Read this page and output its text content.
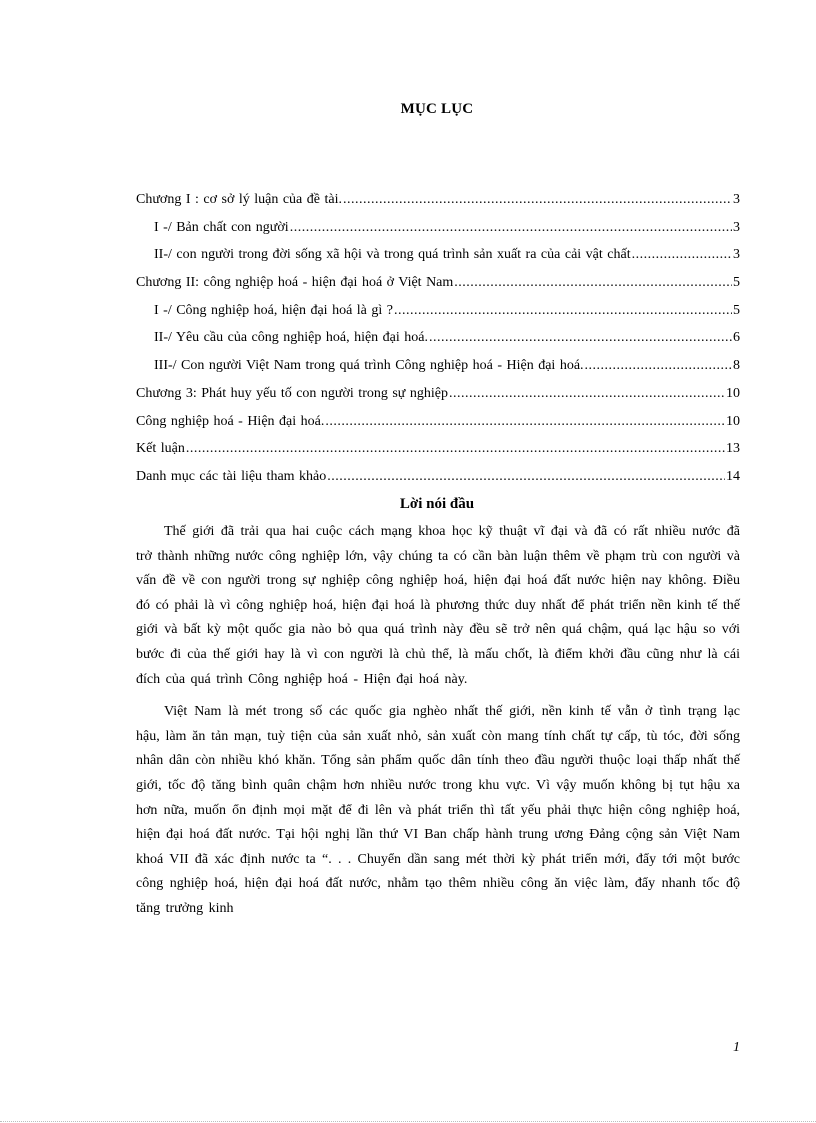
MỤC LỤC
Chương I : cơ sở lý luận của đề tài. .....	3
I -/ Bản chất con người .....	3
II-/ con người trong đời sống xã hội và trong quá trình sản xuất ra của cải vật chất .....	3
Chương II: công nghiệp hoá - hiện đại hoá ở Việt Nam .....	5
I -/ Công nghiệp hoá, hiện đại hoá là gì ? .....	5
II-/ Yêu cầu của công nghiệp hoá, hiện đại hoá. .....	6
III-/ Con người Việt Nam trong quá trình Công nghiệp hoá - Hiện đại hoá. .....	8
Chương 3: Phát huy yếu tố con người trong sự nghiệp .....	10
Công nghiệp hoá - Hiện đại hoá. .....	10
Kết luận .....	13
Danh mục các tài liệu tham khảo .....	14
Lời nói đầu

Thế giới đã trải qua hai cuộc cách mạng khoa học kỹ thuật vĩ đại và đã có rất nhiều nước đã trở thành những nước công nghiệp lớn, vậy chúng ta có cần bàn luận thêm về phạm trù con người và vấn đề về con người trong sự nghiệp công nghiệp hoá, hiện đại hoá đất nước hiện nay không. Điều đó có phải là vì công nghiệp hoá, hiện đại hoá là phương thức duy nhất để phát triển nền kinh tế thế giới và bất kỳ một quốc gia nào bỏ qua quá trình này đều sẽ trở nên quá chậm, quá lạc hậu so với bước đi của thế giới hay là vì con người là chủ thể, là mấu chốt, là điểm khởi đầu cũng như là cái đích của quá trình Công nghiệp hoá - Hiện đại hoá này.

Việt Nam là mét trong số các quốc gia nghèo nhất thế giới, nền kinh tế vẫn ở tình trạng lạc hậu, làm ăn tản mạn, tuỳ tiện của sản xuất nhỏ, sản xuất còn mang tính chất tự cấp, tù tóc, đời sống nhân dân còn nhiều khó khăn. Tổng sản phẩm quốc dân tính theo đầu người thuộc loại thấp nhất thế giới, tốc độ tăng bình quân chậm hơn nhiều nước trong khu vực. Vì vậy muốn không bị tụt hậu xa hơn nữa, muốn ổn định mọi mặt để đi lên và phát triển thì tất yếu phải thực hiện công nghiệp hoá, hiện đại hoá đất nước. Tại hội nghị lần thứ VI Ban chấp hành trung ương Đảng cộng sản Việt Nam khoá VII đã xác định nước ta “. . . Chuyển dần sang mét thời kỳ phát triển mới, đẩy tới một bước công nghiệp hoá, hiện đại hoá đất nước, nhằm tạo thêm nhiều công ăn việc làm, đẩy nhanh tốc độ tăng trưởng kinh

1
